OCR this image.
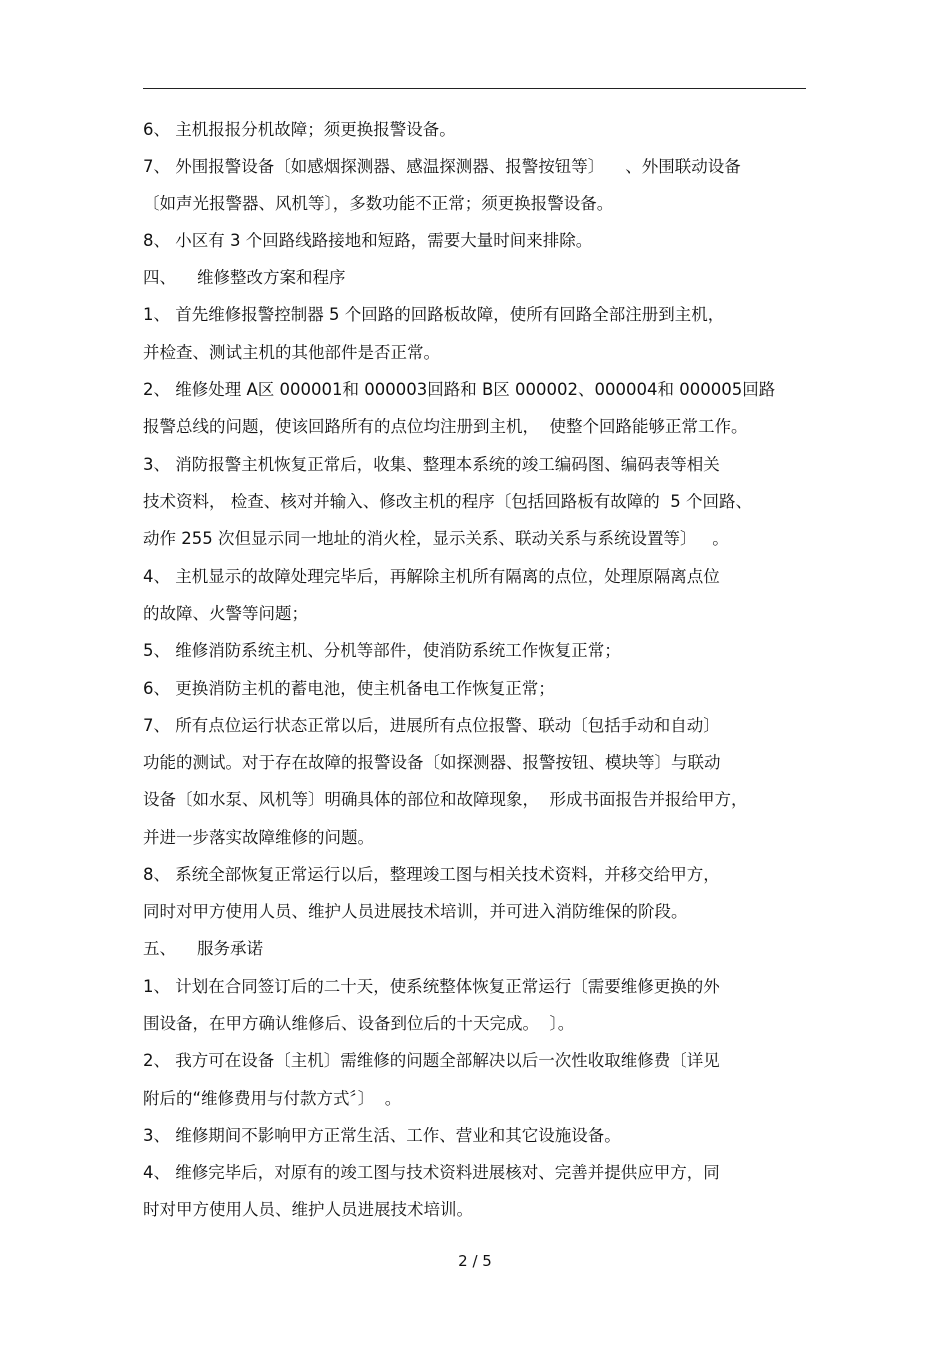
6、 主机报报分机故障；须更换报警设备。
7、 外围报警设备〔如感烟探测器、感温探测器、报警按钮等〕    、外围联动设备
〔如声光报警器、风机等〕，多数功能不正常；须更换报警设备。
8、 小区有 3 个回路线路接地和短路，需要大量时间来排除。
四、    维修整改方案和程序
1、 首先维修报警控制器 5 个回路的回路板故障，使所有回路全部注册到主机，
并检查、测试主机的其他部件是否正常。
2、 维修处理 A区 000001和 000003回路和 B区 000002、000004和 000005回路
报警总线的问题，使该回路所有的点位均注册到主机，  使整个回路能够正常工作。
3、 消防报警主机恢复正常后，收集、整理本系统的竣工编码图、编码表等相关
技术资料， 检查、核对并输入、修改主机的程序〔包括回路板有故障的  5 个回路、
动作 255 次但显示同一地址的消火栓，显示关系、联动关系与系统设置等〕   。
4、 主机显示的故障处理完毕后，再解除主机所有隔离的点位，处理原隔离点位
的故障、火警等问题；
5、 维修消防系统主机、分机等部件，使消防系统工作恢复正常；
6、 更换消防主机的蓄电池，使主机备电工作恢复正常；
7、 所有点位运行状态正常以后，进展所有点位报警、联动〔包括手动和自动〕
功能的测试。对于存在故障的报警设备〔如探测器、报警按钮、模块等〕与联动
设备〔如水泵、风机等〕明确具体的部位和故障现象，  形成书面报告并报给甲方，
并进一步落实故障维修的问题。
8、 系统全部恢复正常运行以后，整理竣工图与相关技术资料，并移交给甲方，
同时对甲方使用人员、维护人员进展技术培训，并可进入消防维保的阶段。
五、    服务承诺
1、 计划在合同签订后的二十天，使系统整体恢复正常运行〔需要维修更换的外
围设备，在甲方确认维修后、设备到位后的十天完成。  〕。
2、 我方可在设备〔主机〕需维修的问题全部解决以后一次性收取维修费〔详见
附后的“维修费用与付款方式〞〕  。
3、 维修期间不影响甲方正常生活、工作、营业和其它设施设备。
4、 维修完毕后，对原有的竣工图与技术资料进展核对、完善并提供应甲方，同
时对甲方使用人员、维护人员进展技术培训。
2 / 5
